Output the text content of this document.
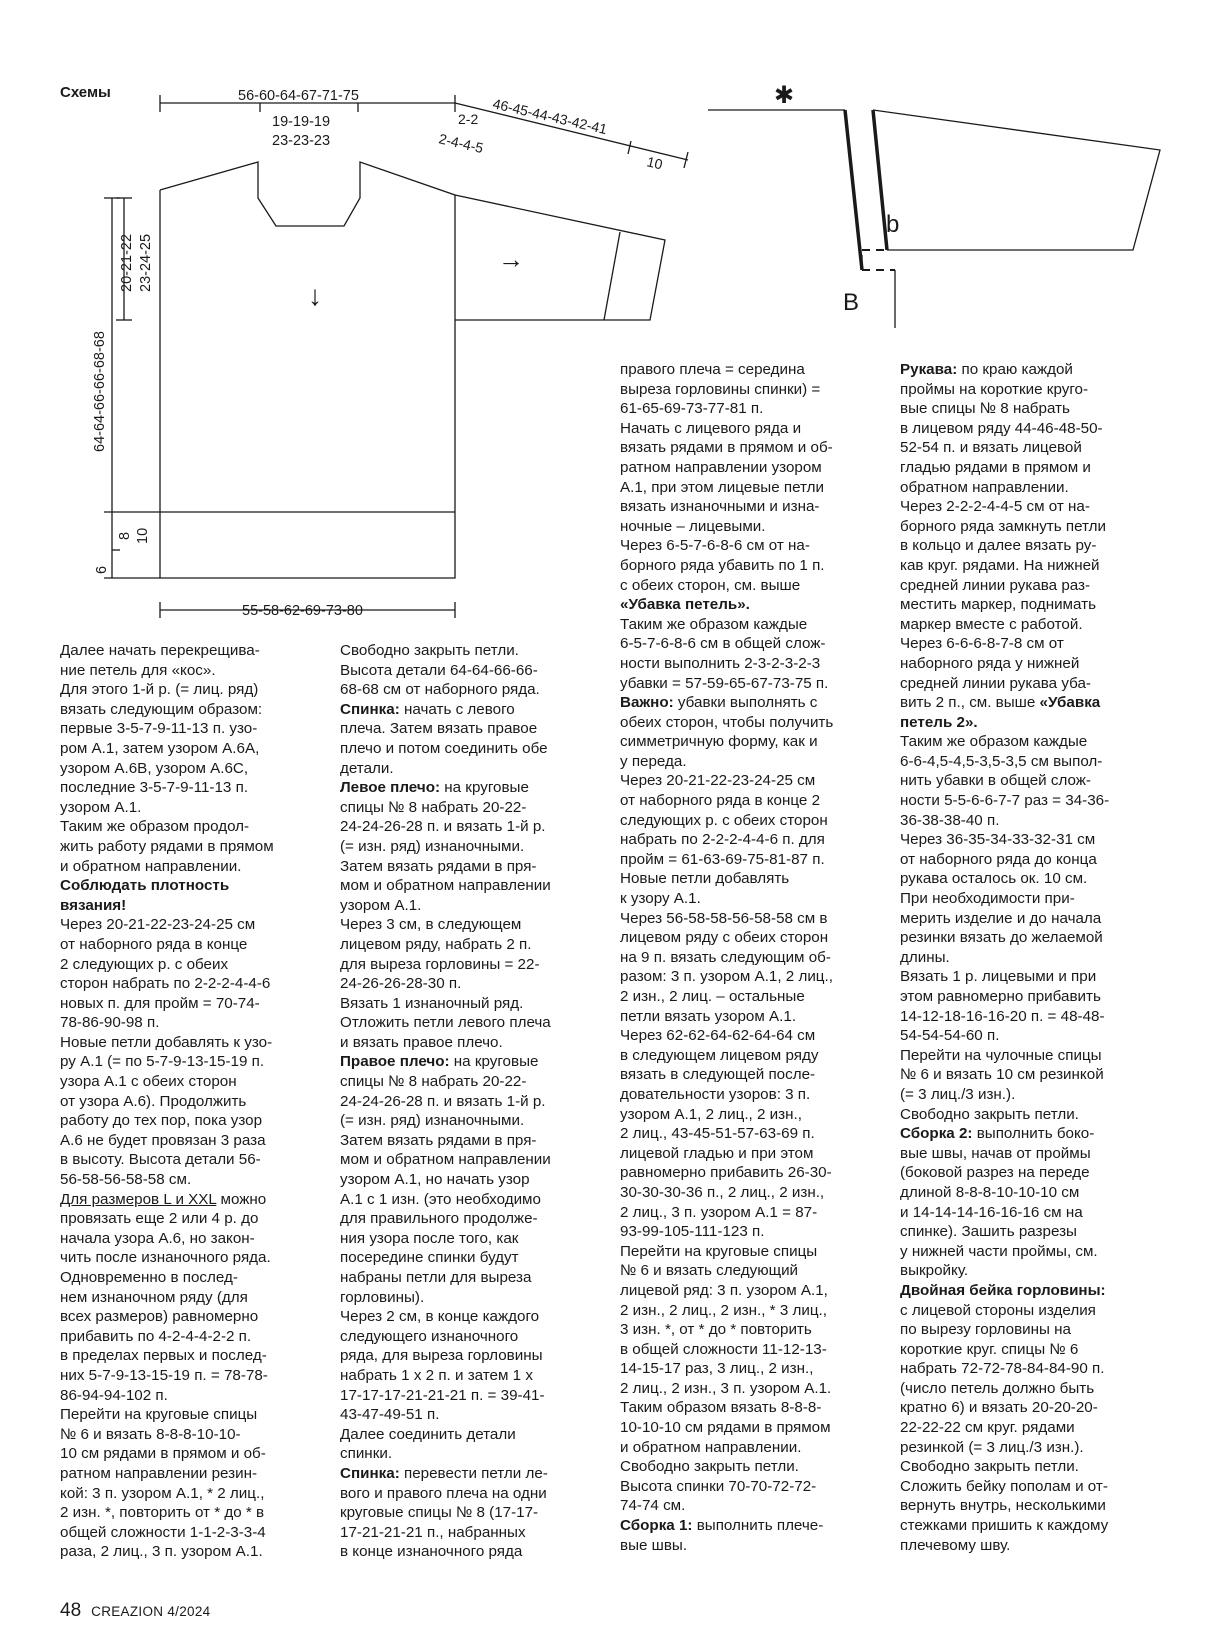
Схемы
↓
→
56-60-64-67-71-75
19-19-19
23-23-23
2-2
2-4-4-5
46-45-44-43-42-41
10
20-21-22 23-24-25
64-64-66-66-68-68
8 10
6
55-58-62-69-73-80
✱
b
B
Далее начать перекрещива-
ние петель для «кос».
Для этого 1-й р. (= лиц. ряд)
вязать следующим образом:
первые 3-5-7-9-11-13 п. узо-
ром А.1, затем узором А.6А,
узором А.6В, узором А.6С,
последние 3-5-7-9-11-13 п.
узором А.1.
Таким же образом продол-
жить работу рядами в прямом
и обратном направлении.
Соблюдать плотность
вязания!
Через 20-21-22-23-24-25 см
от наборного ряда в конце
2 следующих р. с обеих
сторон набрать по 2-2-2-4-4-6
новых п. для пройм = 70-74-
78-86-90-98 п.
Новые петли добавлять к узо-
ру А.1 (= по 5-7-9-13-15-19 п.
узора А.1 с обеих сторон
от узора А.6). Продолжить
работу до тех пор, пока узор
А.6 не будет провязан 3 раза
в высоту. Высота детали 56-
56-58-56-58-58 см.
Для размеров L и XXL можно
провязать еще 2 или 4 р. до
начала узора А.6, но закон-
чить после изнаночного ряда.
Одновременно в послед-
нем изнаночном ряду (для
всех размеров) равномерно
прибавить по 4-2-4-4-2-2 п.
в пределах первых и послед-
них 5-7-9-13-15-19 п. = 78-78-
86-94-94-102 п.
Перейти на круговые спицы
№ 6 и вязать 8-8-8-10-10-
10 см рядами в прямом и об-
ратном направлении резин-
кой: 3 п. узором А.1, * 2 лиц.,
2 изн. *, повторить от * до * в
общей сложности 1-1-2-3-3-4
раза, 2 лиц., 3 п. узором А.1.
Свободно закрыть петли.
Высота детали 64-64-66-66-
68-68 см от наборного ряда.
Спинка: начать с левого
плеча. Затем вязать правое
плечо и потом соединить обе
детали.
Левое плечо: на круговые
спицы № 8 набрать 20-22-
24-24-26-28 п. и вязать 1-й р.
(= изн. ряд) изнаночными.
Затем вязать рядами в пря-
мом и обратном направлении
узором А.1.
Через 3 см, в следующем
лицевом ряду, набрать 2 п.
для выреза горловины = 22-
24-26-26-28-30 п.
Вязать 1 изнаночный ряд.
Отложить петли левого плеча
и вязать правое плечо.
Правое плечо: на круговые
спицы № 8 набрать 20-22-
24-24-26-28 п. и вязать 1-й р.
(= изн. ряд) изнаночными.
Затем вязать рядами в пря-
мом и обратном направлении
узором А.1, но начать узор
А.1 с 1 изн. (это необходимо
для правильного продолже-
ния узора после того, как
посередине спинки будут
набраны петли для выреза
горловины).
Через 2 см, в конце каждого
следующего изнаночного
ряда, для выреза горловины
набрать 1 х 2 п. и затем 1 х
17-17-17-21-21-21 п. = 39-41-
43-47-49-51 п.
Далее соединить детали
спинки.
Спинка: перевести петли ле-
вого и правого плеча на одни
круговые спицы № 8 (17-17-
17-21-21-21 п., набранных
в конце изнаночного ряда
правого плеча = середина
выреза горловины спинки) =
61-65-69-73-77-81 п.
Начать с лицевого ряда и
вязать рядами в прямом и об-
ратном направлении узором
А.1, при этом лицевые петли
вязать изнаночными и изна-
ночные – лицевыми.
Через 6-5-7-6-8-6 см от на-
борного ряда убавить по 1 п.
с обеих сторон, см. выше
«Убавка петель».
Таким же образом каждые
6-5-7-6-8-6 см в общей слож-
ности выполнить 2-3-2-3-2-3
убавки = 57-59-65-67-73-75 п.
Важно: убавки выполнять с
обеих сторон, чтобы получить
симметричную форму, как и
у переда.
Через 20-21-22-23-24-25 см
от наборного ряда в конце 2
следующих р. с обеих сторон
набрать по 2-2-2-4-4-6 п. для
пройм = 61-63-69-75-81-87 п.
Новые петли добавлять
к узору А.1.
Через 56-58-58-56-58-58 см в
лицевом ряду с обеих сторон
на 9 п. вязать следующим об-
разом: 3 п. узором А.1, 2 лиц.,
2 изн., 2 лиц. – остальные
петли вязать узором А.1.
Через 62-62-64-62-64-64 см
в следующем лицевом ряду
вязать в следующей после-
довательности узоров: 3 п.
узором А.1, 2 лиц., 2 изн.,
2 лиц., 43-45-51-57-63-69 п.
лицевой гладью и при этом
равномерно прибавить 26-30-
30-30-30-36 п., 2 лиц., 2 изн.,
2 лиц., 3 п. узором А.1 = 87-
93-99-105-111-123 п.
Перейти на круговые спицы
№ 6 и вязать следующий
лицевой ряд: 3 п. узором А.1,
2 изн., 2 лиц., 2 изн., * 3 лиц.,
3 изн. *, от * до * повторить
в общей сложности 11-12-13-
14-15-17 раз, 3 лиц., 2 изн.,
2 лиц., 2 изн., 3 п. узором А.1.
Таким образом вязать 8-8-8-
10-10-10 см рядами в прямом
и обратном направлении.
Свободно закрыть петли.
Высота спинки 70-70-72-72-
74-74 см.
Сборка 1: выполнить плече-
вые швы.
Рукава: по краю каждой
проймы на короткие круго-
вые спицы № 8 набрать
в лицевом ряду 44-46-48-50-
52-54 п. и вязать лицевой
гладью рядами в прямом и
обратном направлении.
Через 2-2-2-4-4-5 см от на-
борного ряда замкнуть петли
в кольцо и далее вязать ру-
кав круг. рядами. На нижней
средней линии рукава раз-
местить маркер, поднимать
маркер вместе с работой.
Через 6-6-6-8-7-8 см от
наборного ряда у нижней
средней линии рукава уба-
вить 2 п., см. выше «Убавка
петель 2».
Таким же образом каждые
6-6-4,5-4,5-3,5-3,5 см выпол-
нить убавки в общей слож-
ности 5-5-6-6-7-7 раз = 34-36-
36-38-38-40 п.
Через 36-35-34-33-32-31 см
от наборного ряда до конца
рукава осталось ок. 10 см.
При необходимости при-
мерить изделие и до начала
резинки вязать до желаемой
длины.
Вязать 1 р. лицевыми и при
этом равномерно прибавить
14-12-18-16-16-20 п. = 48-48-
54-54-54-60 п.
Перейти на чулочные спицы
№ 6 и вязать 10 см резинкой
(= 3 лиц./3 изн.).
Свободно закрыть петли.
Сборка 2: выполнить боко-
вые швы, начав от проймы
(боковой разрез на переде
длиной 8-8-8-10-10-10 см
и 14-14-14-16-16-16 см на
спинке). Зашить разрезы
у нижней части проймы, см.
выкройку.
Двойная бейка горловины:
с лицевой стороны изделия
по вырезу горловины на
короткие круг. спицы № 6
набрать 72-72-78-84-84-90 п.
(число петель должно быть
кратно 6) и вязать 20-20-20-
22-22-22 см круг. рядами
резинкой (= 3 лиц./3 изн.).
Свободно закрыть петли.
Сложить бейку пополам и от-
вернуть внутрь, несколькими
стежками пришить к каждому
плечевому шву.
48 CREAZION 4/2024
